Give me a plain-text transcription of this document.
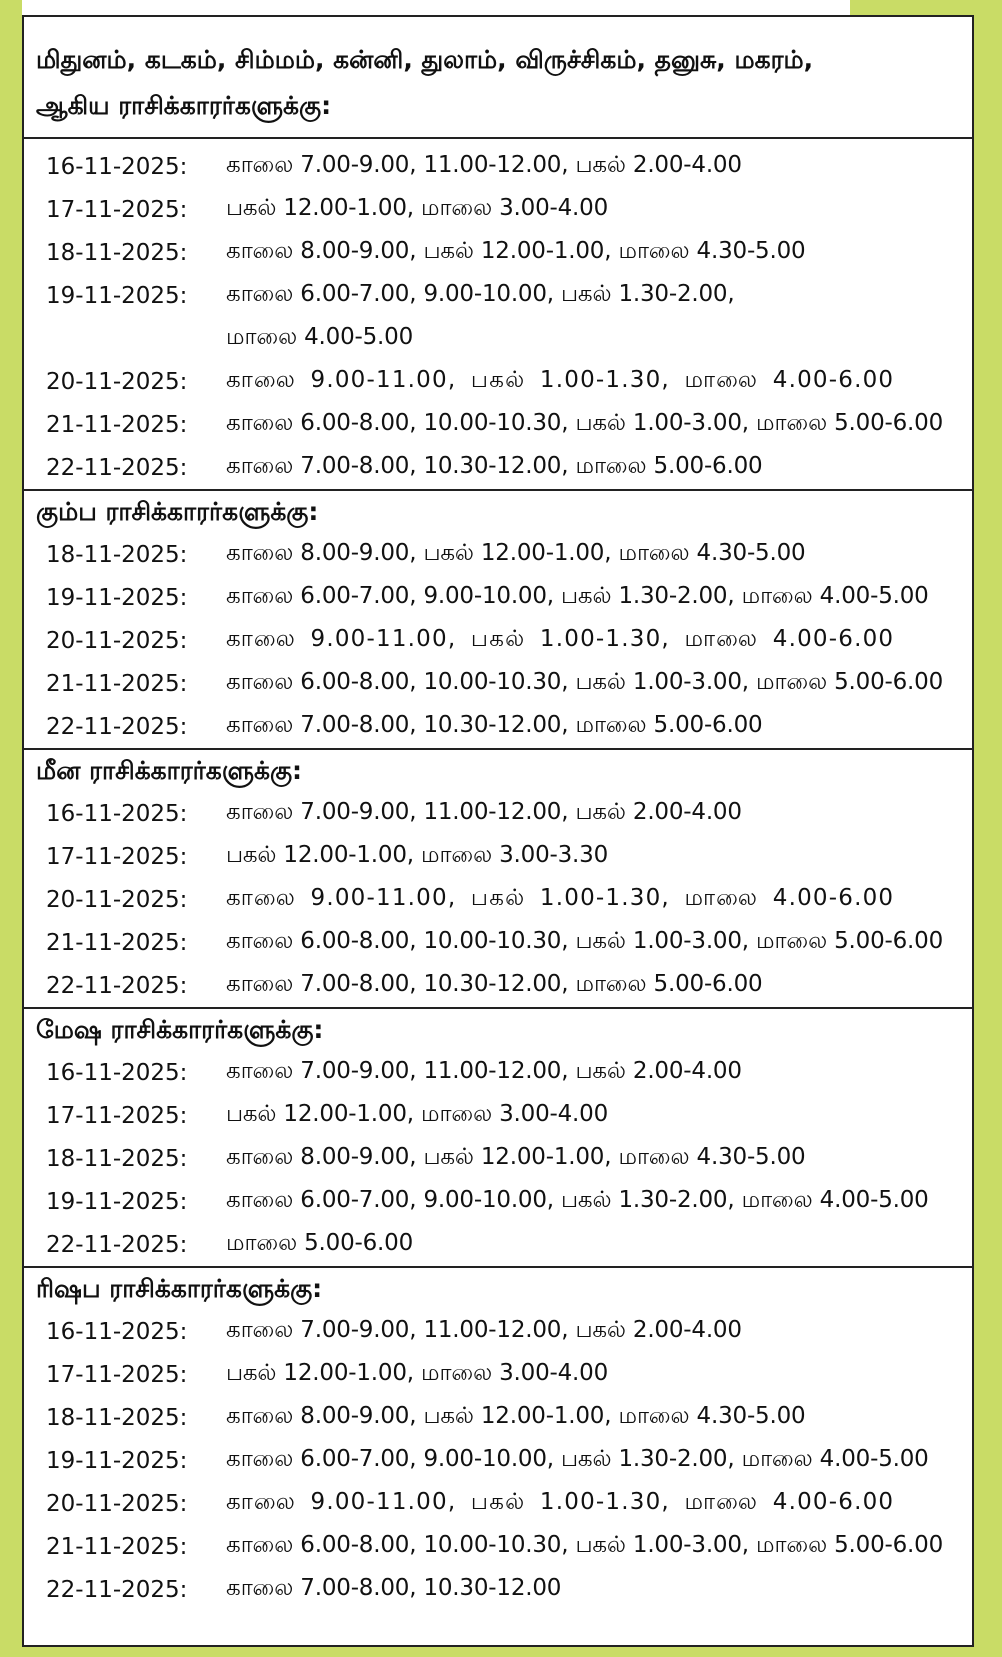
மிதுனம், கடகம், சிம்மம், கன்னி, துலாம், விருச்சிகம், தனுசு, மகரம்,
ஆகிய ராசிக்காரர்களுக்கு:
16-11-2025:	காலை 7.00-9.00, 11.00-12.00, பகல் 2.00-4.00
17-11-2025:	பகல் 12.00-1.00, மாலை 3.00-4.00
18-11-2025:	காலை 8.00-9.00, பகல் 12.00-1.00, மாலை 4.30-5.00
19-11-2025:	காலை 6.00-7.00, 9.00-10.00, பகல் 1.30-2.00,
மாலை 4.00-5.00
20-11-2025:	காலை 9.00-11.00, பகல் 1.00-1.30, மாலை 4.00-6.00
21-11-2025:	காலை 6.00-8.00, 10.00-10.30, பகல் 1.00-3.00, மாலை 5.00-6.00
22-11-2025:	காலை 7.00-8.00, 10.30-12.00, மாலை 5.00-6.00
கும்ப ராசிக்காரர்களுக்கு:
18-11-2025:	காலை 8.00-9.00, பகல் 12.00-1.00, மாலை 4.30-5.00
19-11-2025:	காலை 6.00-7.00, 9.00-10.00, பகல் 1.30-2.00, மாலை 4.00-5.00
20-11-2025:	காலை 9.00-11.00, பகல் 1.00-1.30, மாலை 4.00-6.00
21-11-2025:	காலை 6.00-8.00, 10.00-10.30, பகல் 1.00-3.00, மாலை 5.00-6.00
22-11-2025:	காலை 7.00-8.00, 10.30-12.00, மாலை 5.00-6.00
மீன ராசிக்காரர்களுக்கு:
16-11-2025:	காலை 7.00-9.00, 11.00-12.00, பகல் 2.00-4.00
17-11-2025:	பகல் 12.00-1.00, மாலை 3.00-3.30
20-11-2025:	காலை 9.00-11.00, பகல் 1.00-1.30, மாலை 4.00-6.00
21-11-2025:	காலை 6.00-8.00, 10.00-10.30, பகல் 1.00-3.00, மாலை 5.00-6.00
22-11-2025:	காலை 7.00-8.00, 10.30-12.00, மாலை 5.00-6.00
மேஷ ராசிக்காரர்களுக்கு:
16-11-2025:	காலை 7.00-9.00, 11.00-12.00, பகல் 2.00-4.00
17-11-2025:	பகல் 12.00-1.00, மாலை 3.00-4.00
18-11-2025:	காலை 8.00-9.00, பகல் 12.00-1.00, மாலை 4.30-5.00
19-11-2025:	காலை 6.00-7.00, 9.00-10.00, பகல் 1.30-2.00, மாலை 4.00-5.00
22-11-2025:	மாலை 5.00-6.00
ரிஷப ராசிக்காரர்களுக்கு:
16-11-2025:	காலை 7.00-9.00, 11.00-12.00, பகல் 2.00-4.00
17-11-2025:	பகல் 12.00-1.00, மாலை 3.00-4.00
18-11-2025:	காலை 8.00-9.00, பகல் 12.00-1.00, மாலை 4.30-5.00
19-11-2025:	காலை 6.00-7.00, 9.00-10.00, பகல் 1.30-2.00, மாலை 4.00-5.00
20-11-2025:	காலை 9.00-11.00, பகல் 1.00-1.30, மாலை 4.00-6.00
21-11-2025:	காலை 6.00-8.00, 10.00-10.30, பகல் 1.00-3.00, மாலை 5.00-6.00
22-11-2025:	காலை 7.00-8.00, 10.30-12.00
